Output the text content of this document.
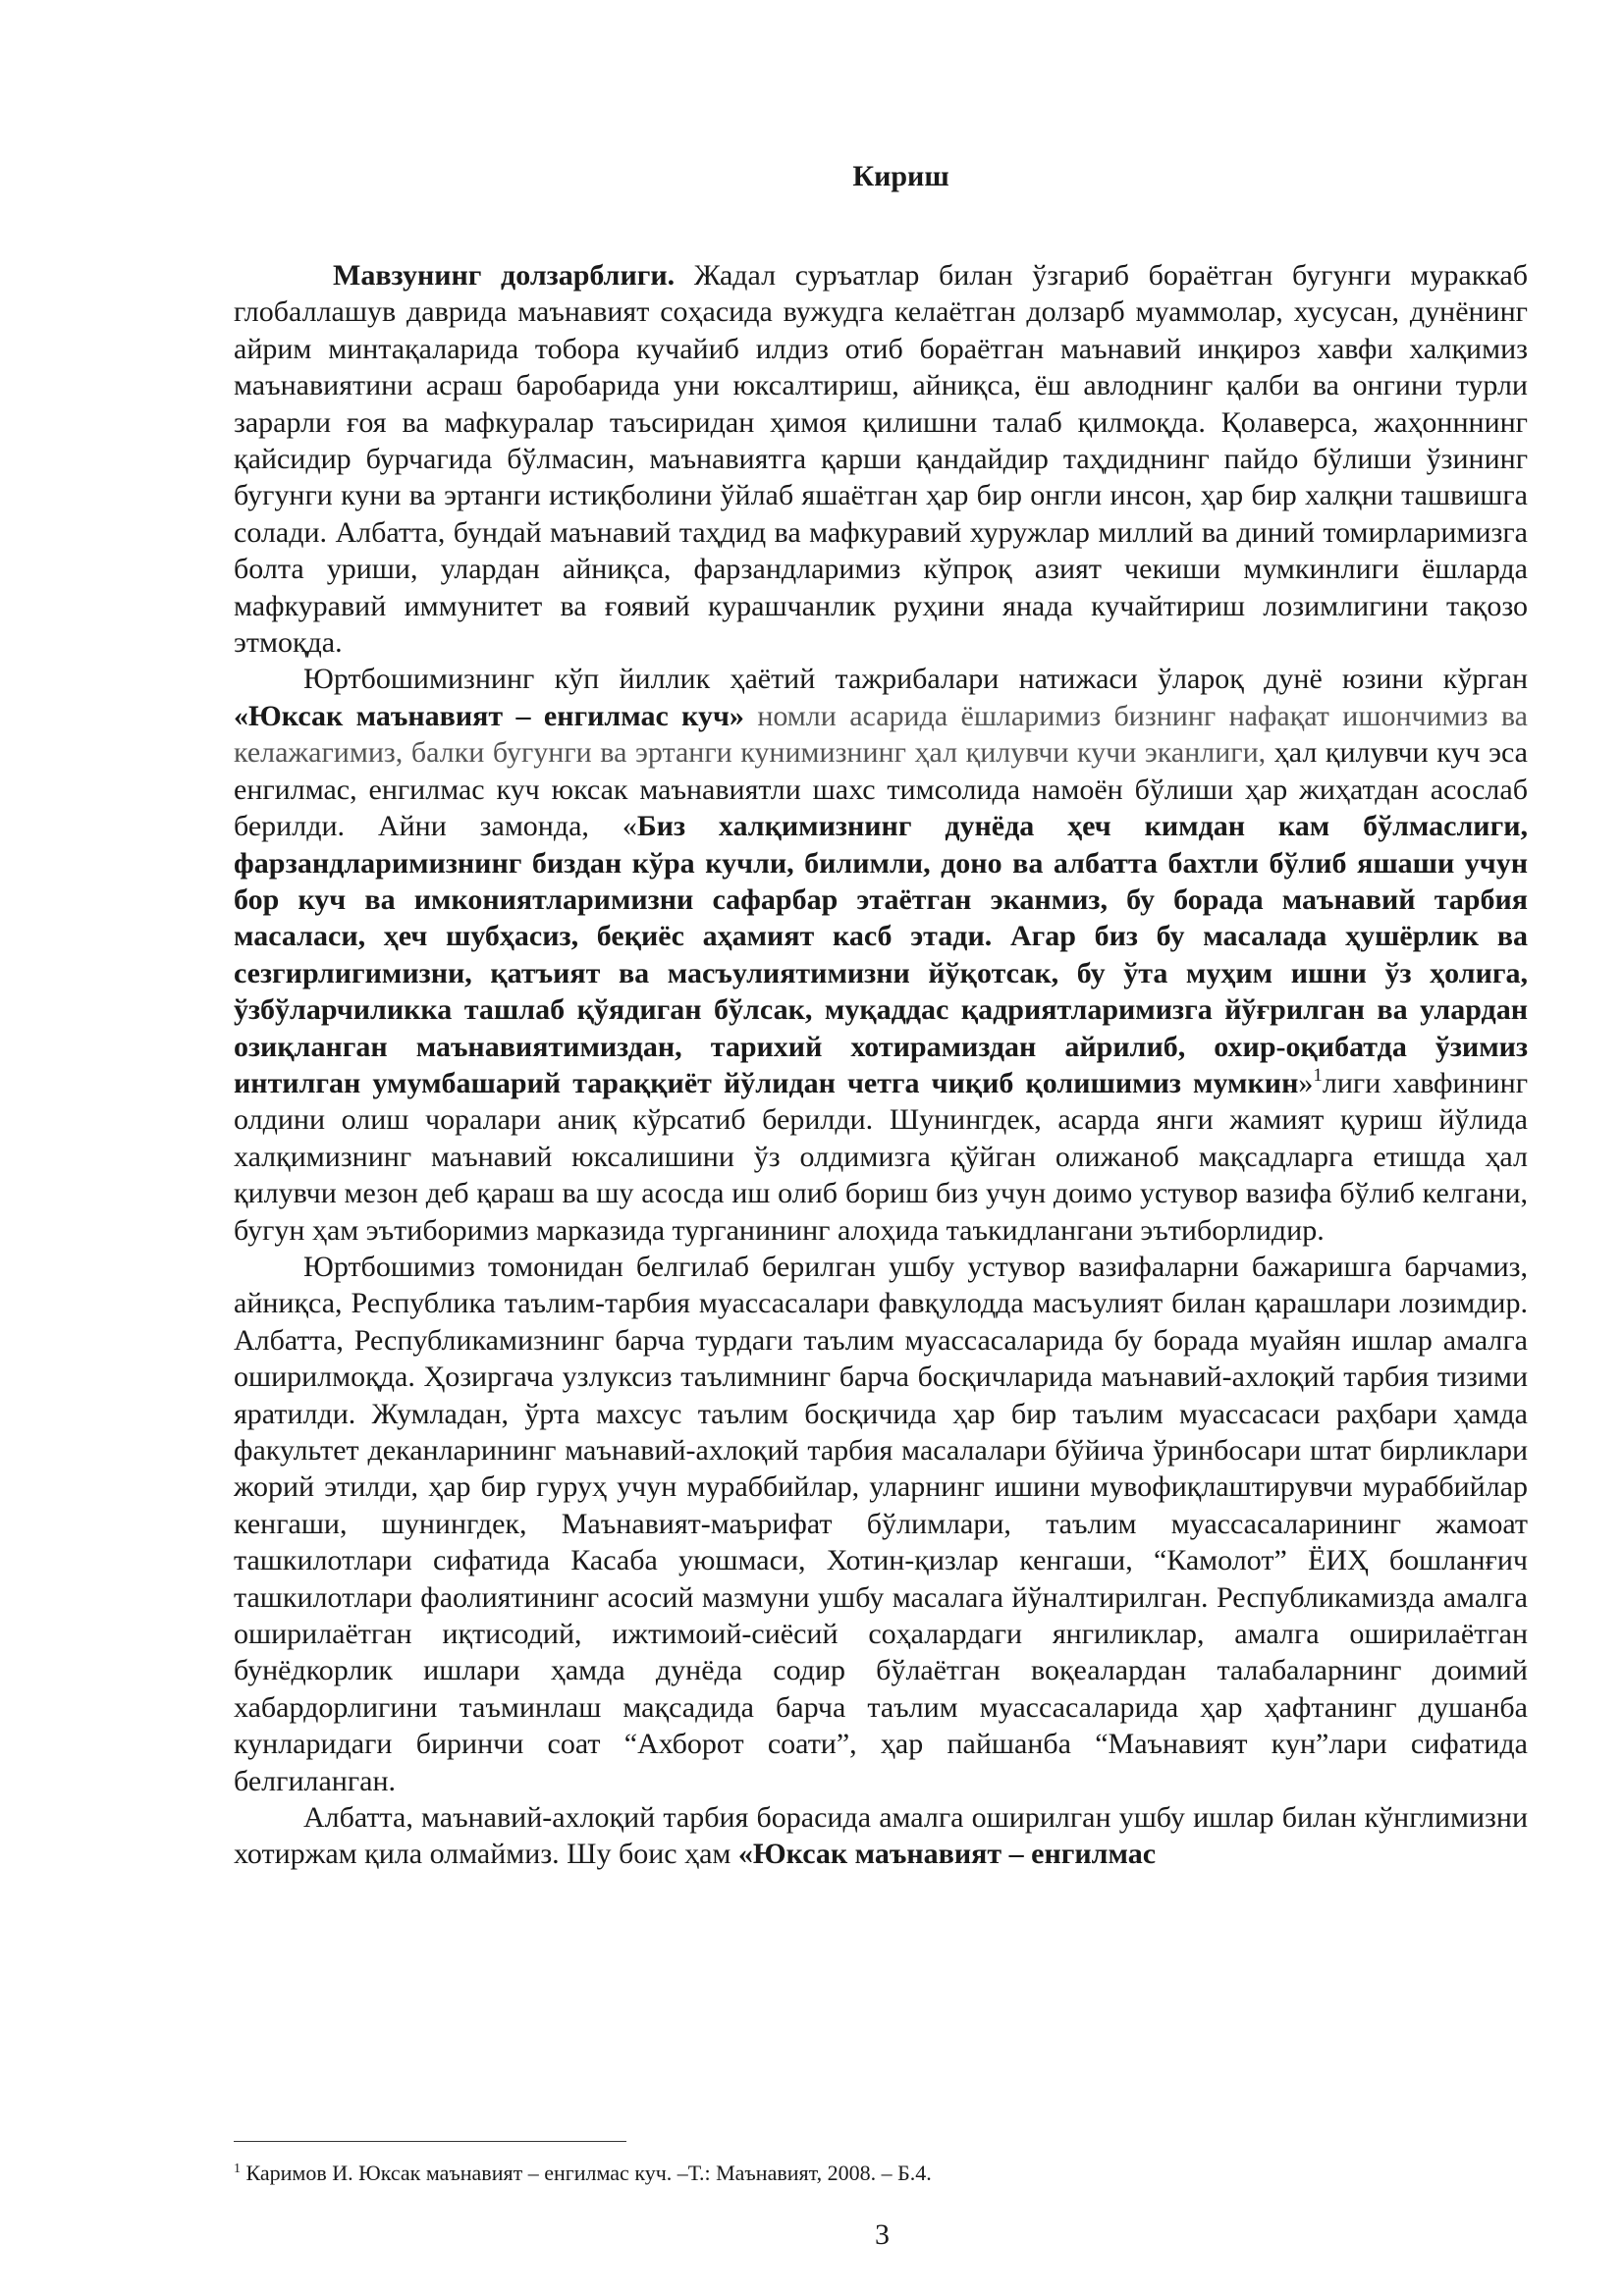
Кириш

Мавзунинг долзарблиги. Жадал суръатлар билан ўзгариб бораётган бугунги мураккаб глобаллашув даврида маънавият соҳасида вужудга келаётган долзарб муаммолар, хусусан, дунёнинг айрим минтақаларида тобора кучайиб илдиз отиб бораётган маънавий инқироз хавфи халқимиз маънавиятини асраш баробарида уни юксалтириш, айниқса, ёш авлоднинг қалби ва онгини турли зарарли ғоя ва мафкуралар таъсиридан ҳимоя қилишни талаб қилмоқда. Қолаверса, жаҳонннинг қайсидир бурчагида бўлмасин, маънавиятга қарши қандайдир таҳдиднинг пайдо бўлиши ўзининг бугунги куни ва эртанги истиқболини ўйлаб яшаётган ҳар бир онгли инсон, ҳар бир халқни ташвишга солади. Албатта, бундай маънавий таҳдид ва мафкуравий хуружлар миллий ва диний томирларимизга болта уриши, улардан айниқса, фарзандларимиз кўпроқ азият чекиши мумкинлиги ёшларда мафкуравий иммунитет ва ғоявий курашчанлик руҳини янада кучайтириш лозимлигини тақозо этмоқда.

Юртбошимизнинг кўп йиллик ҳаётий тажрибалари натижаси ўлароқ дунё юзини кўрган «Юксак маънавият – енгилмас куч» номли асарида ёшларимиз бизнинг нафақат ишончимиз ва келажагимиз, балки бугунги ва эртанги кунимизнинг ҳал қилувчи кучи эканлиги, ҳал қилувчи куч эса енгилмас, енгилмас куч юксак маънавиятли шахс тимсолида намоён бўлиши ҳар жиҳатдан асослаб берилди. Айни замонда, «Биз халқимизнинг дунёда ҳеч кимдан кам бўлмаслиги, фарзандларимизнинг биздан кўра кучли, билимли, доно ва албатта бахтли бўлиб яшаши учун бор куч ва имкониятларимизни сафарбар этаётган эканмиз, бу борада маънавий тарбия масаласи, ҳеч шубҳасиз, беқиёс аҳамият касб этади. Агар биз бу масалада ҳушёрлик ва сезгирлигимизни, қатъият ва масъулиятимизни йўқотсак, бу ўта муҳим ишни ўз ҳолига, ўзбўларчиликка ташлаб қўядиган бўлсак, муқаддас қадриятларимизга йўғрилган ва улардан озиқланган маънавиятимиздан, тарихий хотирамиздан айрилиб, охир-оқибатда ўзимиз интилган умумбашарий тараққиёт йўлидан четга чиқиб қолишимиз мумкин»$^1$лиги хавфининг олдини олиш чоралари аниқ кўрсатиб берилди. Шунингдек, асарда янги жамият қуриш йўлида халқимизнинг маънавий юксалишини ўз олдимизга қўйган олижаноб мақсадларга етишда ҳал қилувчи мезон деб қараш ва шу асосда иш олиб бориш биз учун доимо устувор вазифа бўлиб келгани, бугун ҳам эътиборимиз марказида турганининг алоҳида таъкидлангани эътиборлидир.

Юртбошимиз томонидан белгилаб берилган ушбу устувор вазифаларни бажаришга барчамиз, айниқса, Республика таълим-тарбия муассасалари фавқулодда масъулият билан қарашлари лозимдир. Албатта, Республикамизнинг барча турдаги таълим муассасаларида бу борада муайян ишлар амалга оширилмоқда. Ҳозиргача узлуксиз таълимнинг барча босқичларида маънавий-ахлоқий тарбия тизими яратилди. Жумладан, ўрта махсус таълим босқичида ҳар бир таълим муассасаси раҳбари ҳамда факультет деканларининг маънавий-ахлоқий тарбия масалалари бўйича ўринбосари штат бирликлари жорий этилди, ҳар бир гуруҳ учун мураббийлар, уларнинг ишини мувофиқлаштирувчи мураббийлар кенгаши, шунингдек, Маънавият-маърифат бўлимлари, таълим муассасаларининг жамоат ташкилотлари сифатида Касаба уюшмаси, Хотин-қизлар кенгаши, “Камолот” ЁИҲ бошланғич ташкилотлари фаолиятининг асосий мазмуни ушбу масалага йўналтирилган. Республикамизда амалга оширилаётган иқтисодий, ижтимоий-сиёсий соҳалардаги янгиликлар, амалга оширилаётган бунёдкорлик ишлари ҳамда дунёда содир бўлаётган воқеалардан талабаларнинг доимий хабардорлигини таъминлаш мақсадида барча таълим муассасаларида ҳар ҳафтанинг душанба кунларидаги биринчи соат “Ахборот соати”, ҳар пайшанба “Маънавият кун”лари сифатида белгиланган.

Албатта, маънавий-ахлоқий тарбия борасида амалга оширилган ушбу ишлар билан кўнглимизни хотиржам қила олмаймиз. Шу боис ҳам «Юксак маънавият – енгилмас

$^1$ Каримов И. Юксак маънавият – енгилмас куч. –Т.: Маънавият, 2008. – Б.4.
3
